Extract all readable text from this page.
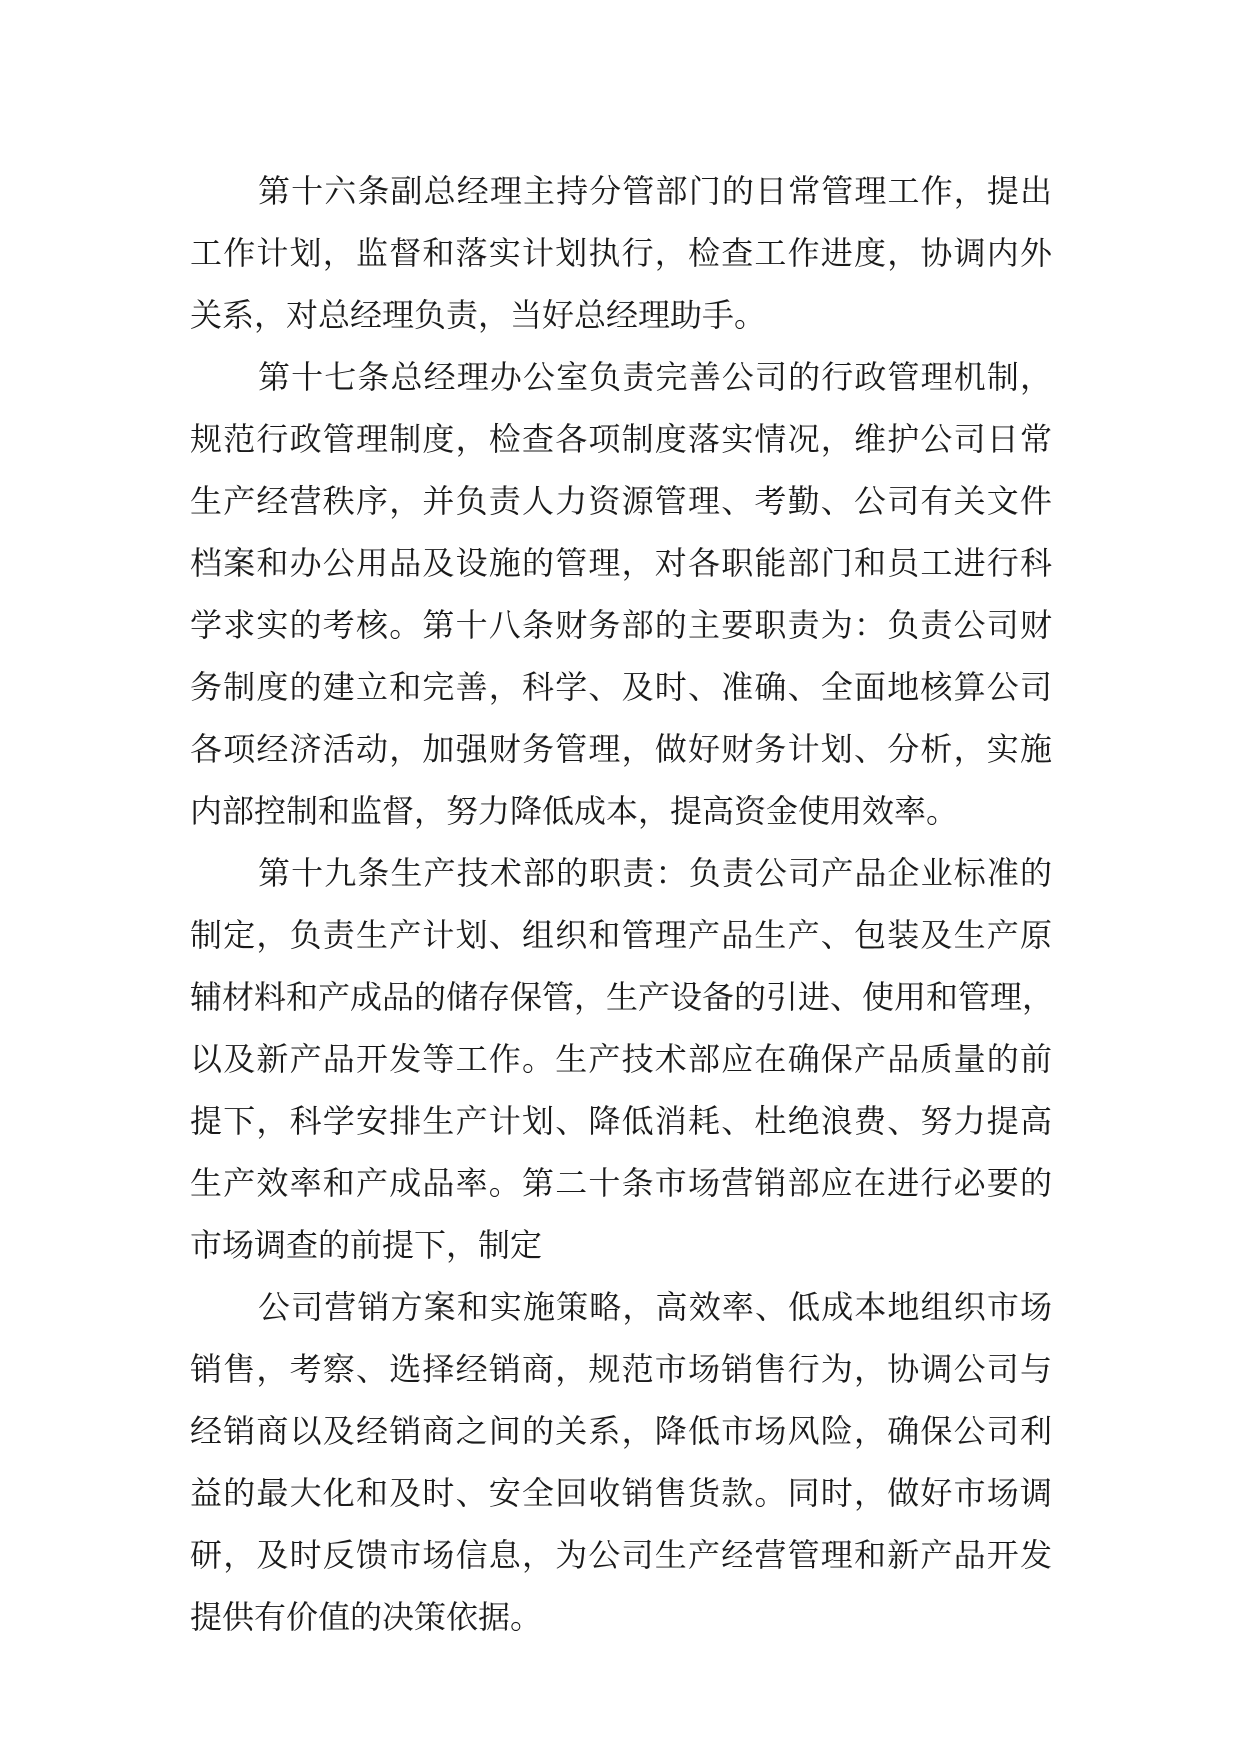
第十六条副总经理主持分管部门的日常管理工作，提出
工作计划，监督和落实计划执行，检查工作进度，协调内外
关系，对总经理负责，当好总经理助手。
第十七条总经理办公室负责完善公司的行政管理机制，
规范行政管理制度，检查各项制度落实情况，维护公司日常
生产经营秩序，并负责人力资源管理、考勤、公司有关文件
档案和办公用品及设施的管理，对各职能部门和员工进行科
学求实的考核。第十八条财务部的主要职责为：负责公司财
务制度的建立和完善，科学、及时、准确、全面地核算公司
各项经济活动，加强财务管理，做好财务计划、分析，实施
内部控制和监督，努力降低成本，提高资金使用效率。
第十九条生产技术部的职责：负责公司产品企业标准的
制定，负责生产计划、组织和管理产品生产、包装及生产原
辅材料和产成品的储存保管，生产设备的引进、使用和管理，
以及新产品开发等工作。生产技术部应在确保产品质量的前
提下，科学安排生产计划、降低消耗、杜绝浪费、努力提高
生产效率和产成品率。第二十条市场营销部应在进行必要的
市场调查的前提下，制定
公司营销方案和实施策略，高效率、低成本地组织市场
销售，考察、选择经销商，规范市场销售行为，协调公司与
经销商以及经销商之间的关系，降低市场风险，确保公司利
益的最大化和及时、安全回收销售货款。同时，做好市场调
研，及时反馈市场信息，为公司生产经营管理和新产品开发
提供有价值的决策依据。
